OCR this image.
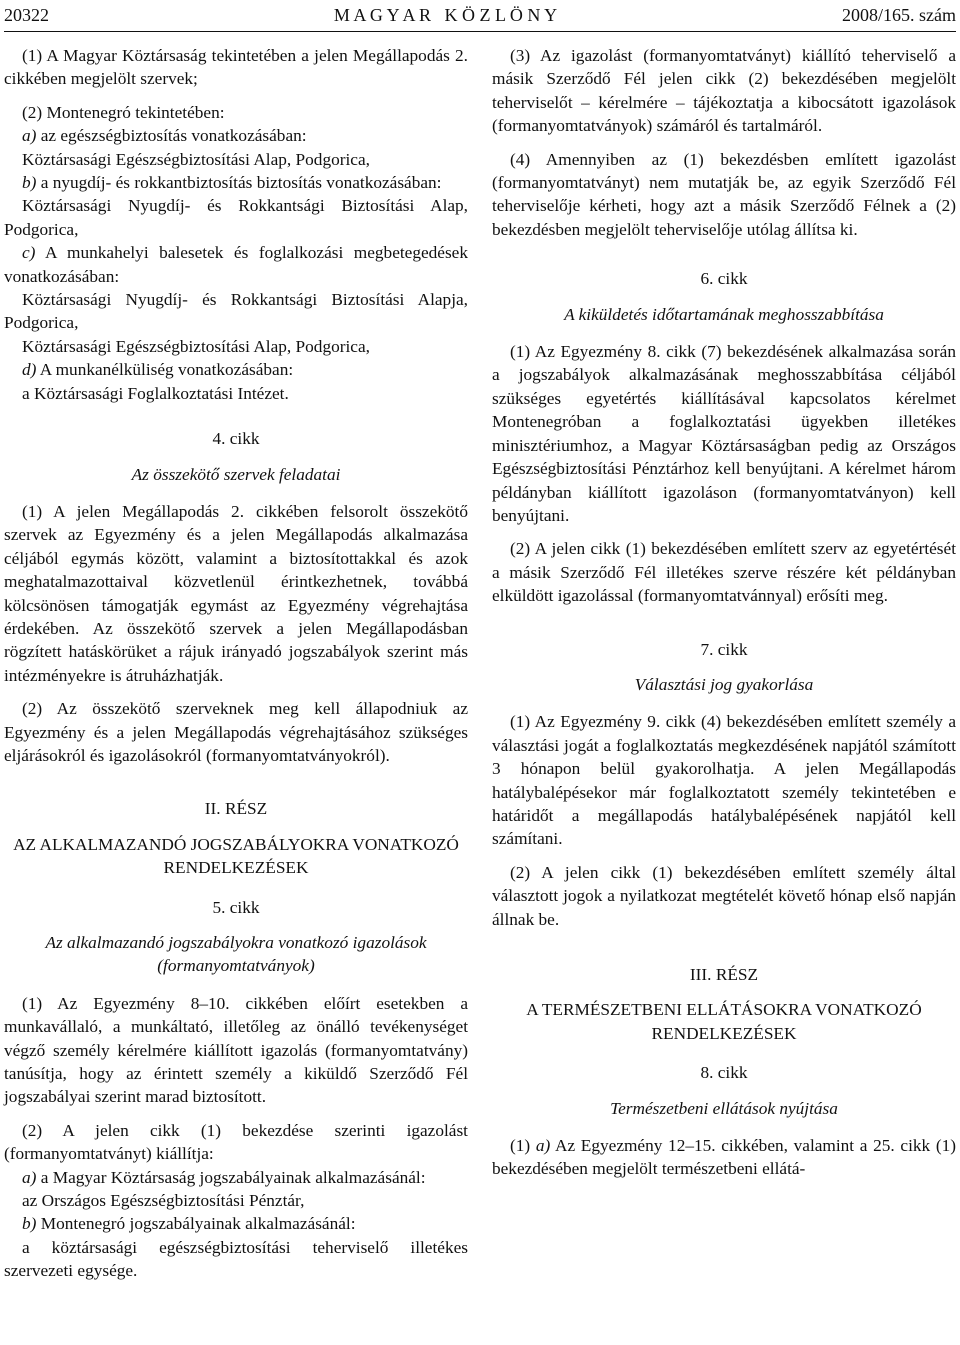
20322	M A G Y A R   K Ö Z L Ö N Y	2008/165. szám

(1) A Magyar Köztársaság tekintetében a jelen Megállapodás 2. cikkében megjelölt szervek;

(2) Montenegró tekintetében:
a) az egészségbiztosítás vonatkozásában:
Köztársasági Egészségbiztosítási Alap, Podgorica,
b) a nyugdíj- és rokkantbiztosítás biztosítás vonatkozásában:
Köztársasági Nyugdíj- és Rokkantsági Biztosítási Alap, Podgorica,
c) A munkahelyi balesetek és foglalkozási megbetegedések vonatkozásában:
Köztársasági Nyugdíj- és Rokkantsági Biztosítási Alapja, Podgorica,
Köztársasági Egészségbiztosítási Alap, Podgorica,
d) A munkanélküliség vonatkozásában:
a Köztársasági Foglalkoztatási Intézet.
4. cikk
Az összekötő szervek feladatai

(1) A jelen Megállapodás 2. cikkében felsorolt összekötő szervek az Egyezmény és a jelen Megállapodás alkalmazása céljából egymás között, valamint a biztosítottakkal és azok meghatalmazottaival közvetlenül érintkezhetnek, továbbá kölcsönösen támogatják egymást az Egyezmény végrehajtása érdekében. Az összekötő szervek a jelen Megállapodásban rögzített hatáskörüket a rájuk irányadó jogszabályok szerint más intézményekre is átruházhatják.

(2) Az összekötő szerveknek meg kell állapodniuk az Egyezmény és a jelen Megállapodás végrehajtásához szükséges eljárásokról és igazolásokról (formanyomtatványokról).

II. RÉSZ
AZ ALKALMAZANDÓ JOGSZABÁLYOKRA VONATKOZÓ RENDELKEZÉSEK
5. cikk
Az alkalmazandó jogszabályokra vonatkozó igazolások (formanyomtatványok)

(1) Az Egyezmény 8–10. cikkében előírt esetekben a munkavállaló, a munkáltató, illetőleg az önálló tevékenységet végző személy kérelmére kiállított igazolás (formanyomtatvány) tanúsítja, hogy az érintett személy a kiküldő Szerződő Fél jogszabályai szerint marad biztosított.

(2) A jelen cikk (1) bekezdése szerinti igazolást (formanyomtatványt) kiállítja:
a) a Magyar Köztársaság jogszabályainak alkalmazásánál:
az Országos Egészségbiztosítási Pénztár,
b) Montenegró jogszabályainak alkalmazásánál:
a köztársasági egészségbiztosítási teherviselő illetékes szervezeti egysége.

(3) Az igazolást (formanyomtatványt) kiállító teherviselő a másik Szerződő Fél jelen cikk (2) bekezdésében megjelölt teherviselőt – kérelmére – tájékoztatja a kibocsátott igazolások (formanyomtatványok) számáról és tartalmáról.

(4) Amennyiben az (1) bekezdésben említett igazolást (formanyomtatványt) nem mutatják be, az egyik Szerződő Fél teherviselője kérheti, hogy azt a másik Szerződő Félnek a (2) bekezdésben megjelölt teherviselője utólag állítsa ki.

6. cikk
A kiküldetés időtartamának meghosszabbítása

(1) Az Egyezmény 8. cikk (7) bekezdésének alkalmazása során a jogszabályok alkalmazásának meghosszabbítása céljából szükséges egyetértés kiállításával kapcsolatos kérelmet Montenegróban a foglalkoztatási ügyekben illetékes minisztériumhoz, a Magyar Köztársaságban pedig az Országos Egészségbiztosítási Pénztárhoz kell benyújtani. A kérelmet három példányban kiállított igazoláson (formanyomtatványon) kell benyújtani.

(2) A jelen cikk (1) bekezdésében említett szerv az egyetértését a másik Szerződő Fél illetékes szerve részére két példányban elküldött igazolással (formanyomtatvánnyal) erősíti meg.

7. cikk
Választási jog gyakorlása

(1) Az Egyezmény 9. cikk (4) bekezdésében említett személy a választási jogát a foglalkoztatás megkezdésének napjától számított 3 hónapon belül gyakorolhatja. A jelen Megállapodás hatálybalépésekor már foglalkoztatott személy tekintetében e határidőt a megállapodás hatálybalépésének napjától kell számítani.

(2) A jelen cikk (1) bekezdésében említett személy által választott jogok a nyilatkozat megtételét követő hónap első napján állnak be.

III. RÉSZ
A TERMÉSZETBENI ELLÁTÁSOKRA VONATKOZÓ RENDELKEZÉSEK
8. cikk
Természetbeni ellátások nyújtása

(1) a) Az Egyezmény 12–15. cikkében, valamint a 25. cikk (1) bekezdésében megjelölt természetbeni ellátá-
